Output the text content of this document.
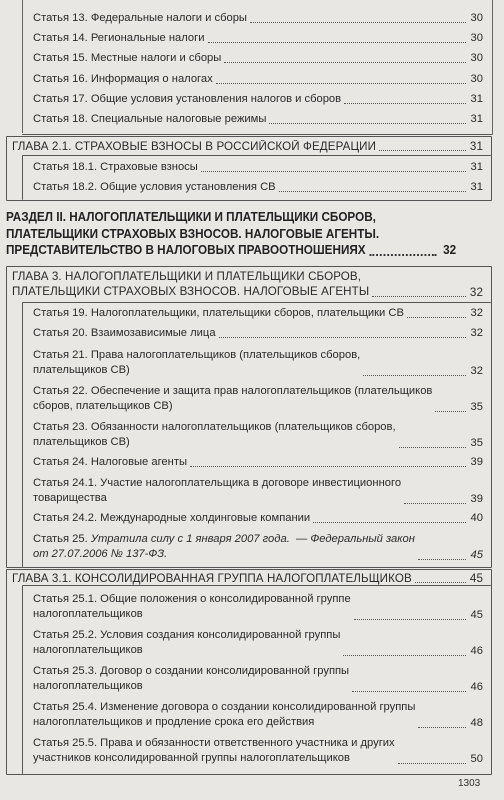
Статья 13. Федеральные налоги и сборы	30
Статья 14. Региональные налоги	30
Статья 15. Местные налоги и сборы	30
Статья 16. Информация о налогах	30
Статья 17. Общие условия установления налогов и сборов	31
Статья 18. Специальные налоговые режимы	31
ГЛАВА 2.1. СТРАХОВЫЕ ВЗНОСЫ В РОССИЙСКОЙ ФЕДЕРАЦИИ	31
Статья 18.1. Страховые взносы	31
Статья 18.2. Общие условия установления СВ	31
РАЗДЕЛ II. НАЛОГОПЛАТЕЛЬЩИКИ И ПЛАТЕЛЬЩИКИ СБОРОВ,
ПЛАТЕЛЬЩИКИ СТРАХОВЫХ ВЗНОСОВ. НАЛОГОВЫЕ АГЕНТЫ.
ПРЕДСТАВИТЕЛЬСТВО В НАЛОГОВЫХ ПРАВООТНОШЕНИЯХ	32
ГЛАВА 3. НАЛОГОПЛАТЕЛЬЩИКИ И ПЛАТЕЛЬЩИКИ СБОРОВ,
ПЛАТЕЛЬЩИКИ СТРАХОВЫХ ВЗНОСОВ. НАЛОГОВЫЕ АГЕНТЫ	32
Статья 19. Налогоплательщики, плательщики сборов, плательщики СВ	32
Статья 20. Взаимозависимые лица	32
Статья 21. Права налогоплательщиков (плательщиков сборов,
плательщиков СВ)	32
Статья 22. Обеспечение и защита прав налогоплательщиков (плательщиков
сборов, плательщиков СВ)	35
Статья 23. Обязанности налогоплательщиков (плательщиков сборов,
плательщиков СВ)	35
Статья 24. Налоговые агенты	39
Статья 24.1. Участие налогоплательщика в договоре инвестиционного
товарищества	39
Статья 24.2. Международные холдинговые компании	40
Статья 25. Утратила силу с 1 января 2007 года. — Федеральный закон
от 27.07.2006 № 137-ФЗ.	45
ГЛАВА 3.1. КОНСОЛИДИРОВАННАЯ ГРУППА НАЛОГОПЛАТЕЛЬЩИКОВ	45
Статья 25.1. Общие положения о консолидированной группе
налогоплательщиков	45
Статья 25.2. Условия создания консолидированной группы
налогоплательщиков	46
Статья 25.3. Договор о создании консолидированной группы
налогоплательщиков	46
Статья 25.4. Изменение договора о создании консолидированной группы
налогоплательщиков и продление срока его действия	48
Статья 25.5. Права и обязанности ответственного участника и других
участников консолидированной группы налогоплательщиков	50
1303
